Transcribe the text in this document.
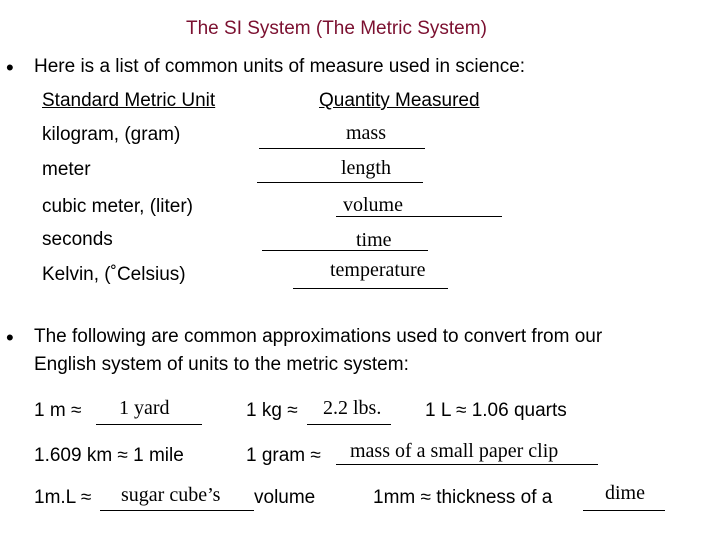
The SI System (The Metric System)
• Here is a list of common units of measure used in science:
Standard Metric Unit	Quantity Measured
kilogram, (gram)	mass
meter	length
cubic meter, (liter)	volume
seconds	time
Kelvin, (˚Celsius)	temperature
• The following are common approximations used to convert from our
English system of units to the metric system:
1 m ≈ 1 yard	1 kg ≈ 2.2 lbs. 1 L ≈ 1.06 quarts
1.609 km ≈ 1 mile	1 gram ≈ mass of a small paper clip
1m.L ≈ sugar cube’s volume	1mm ≈ thickness of a	dime
